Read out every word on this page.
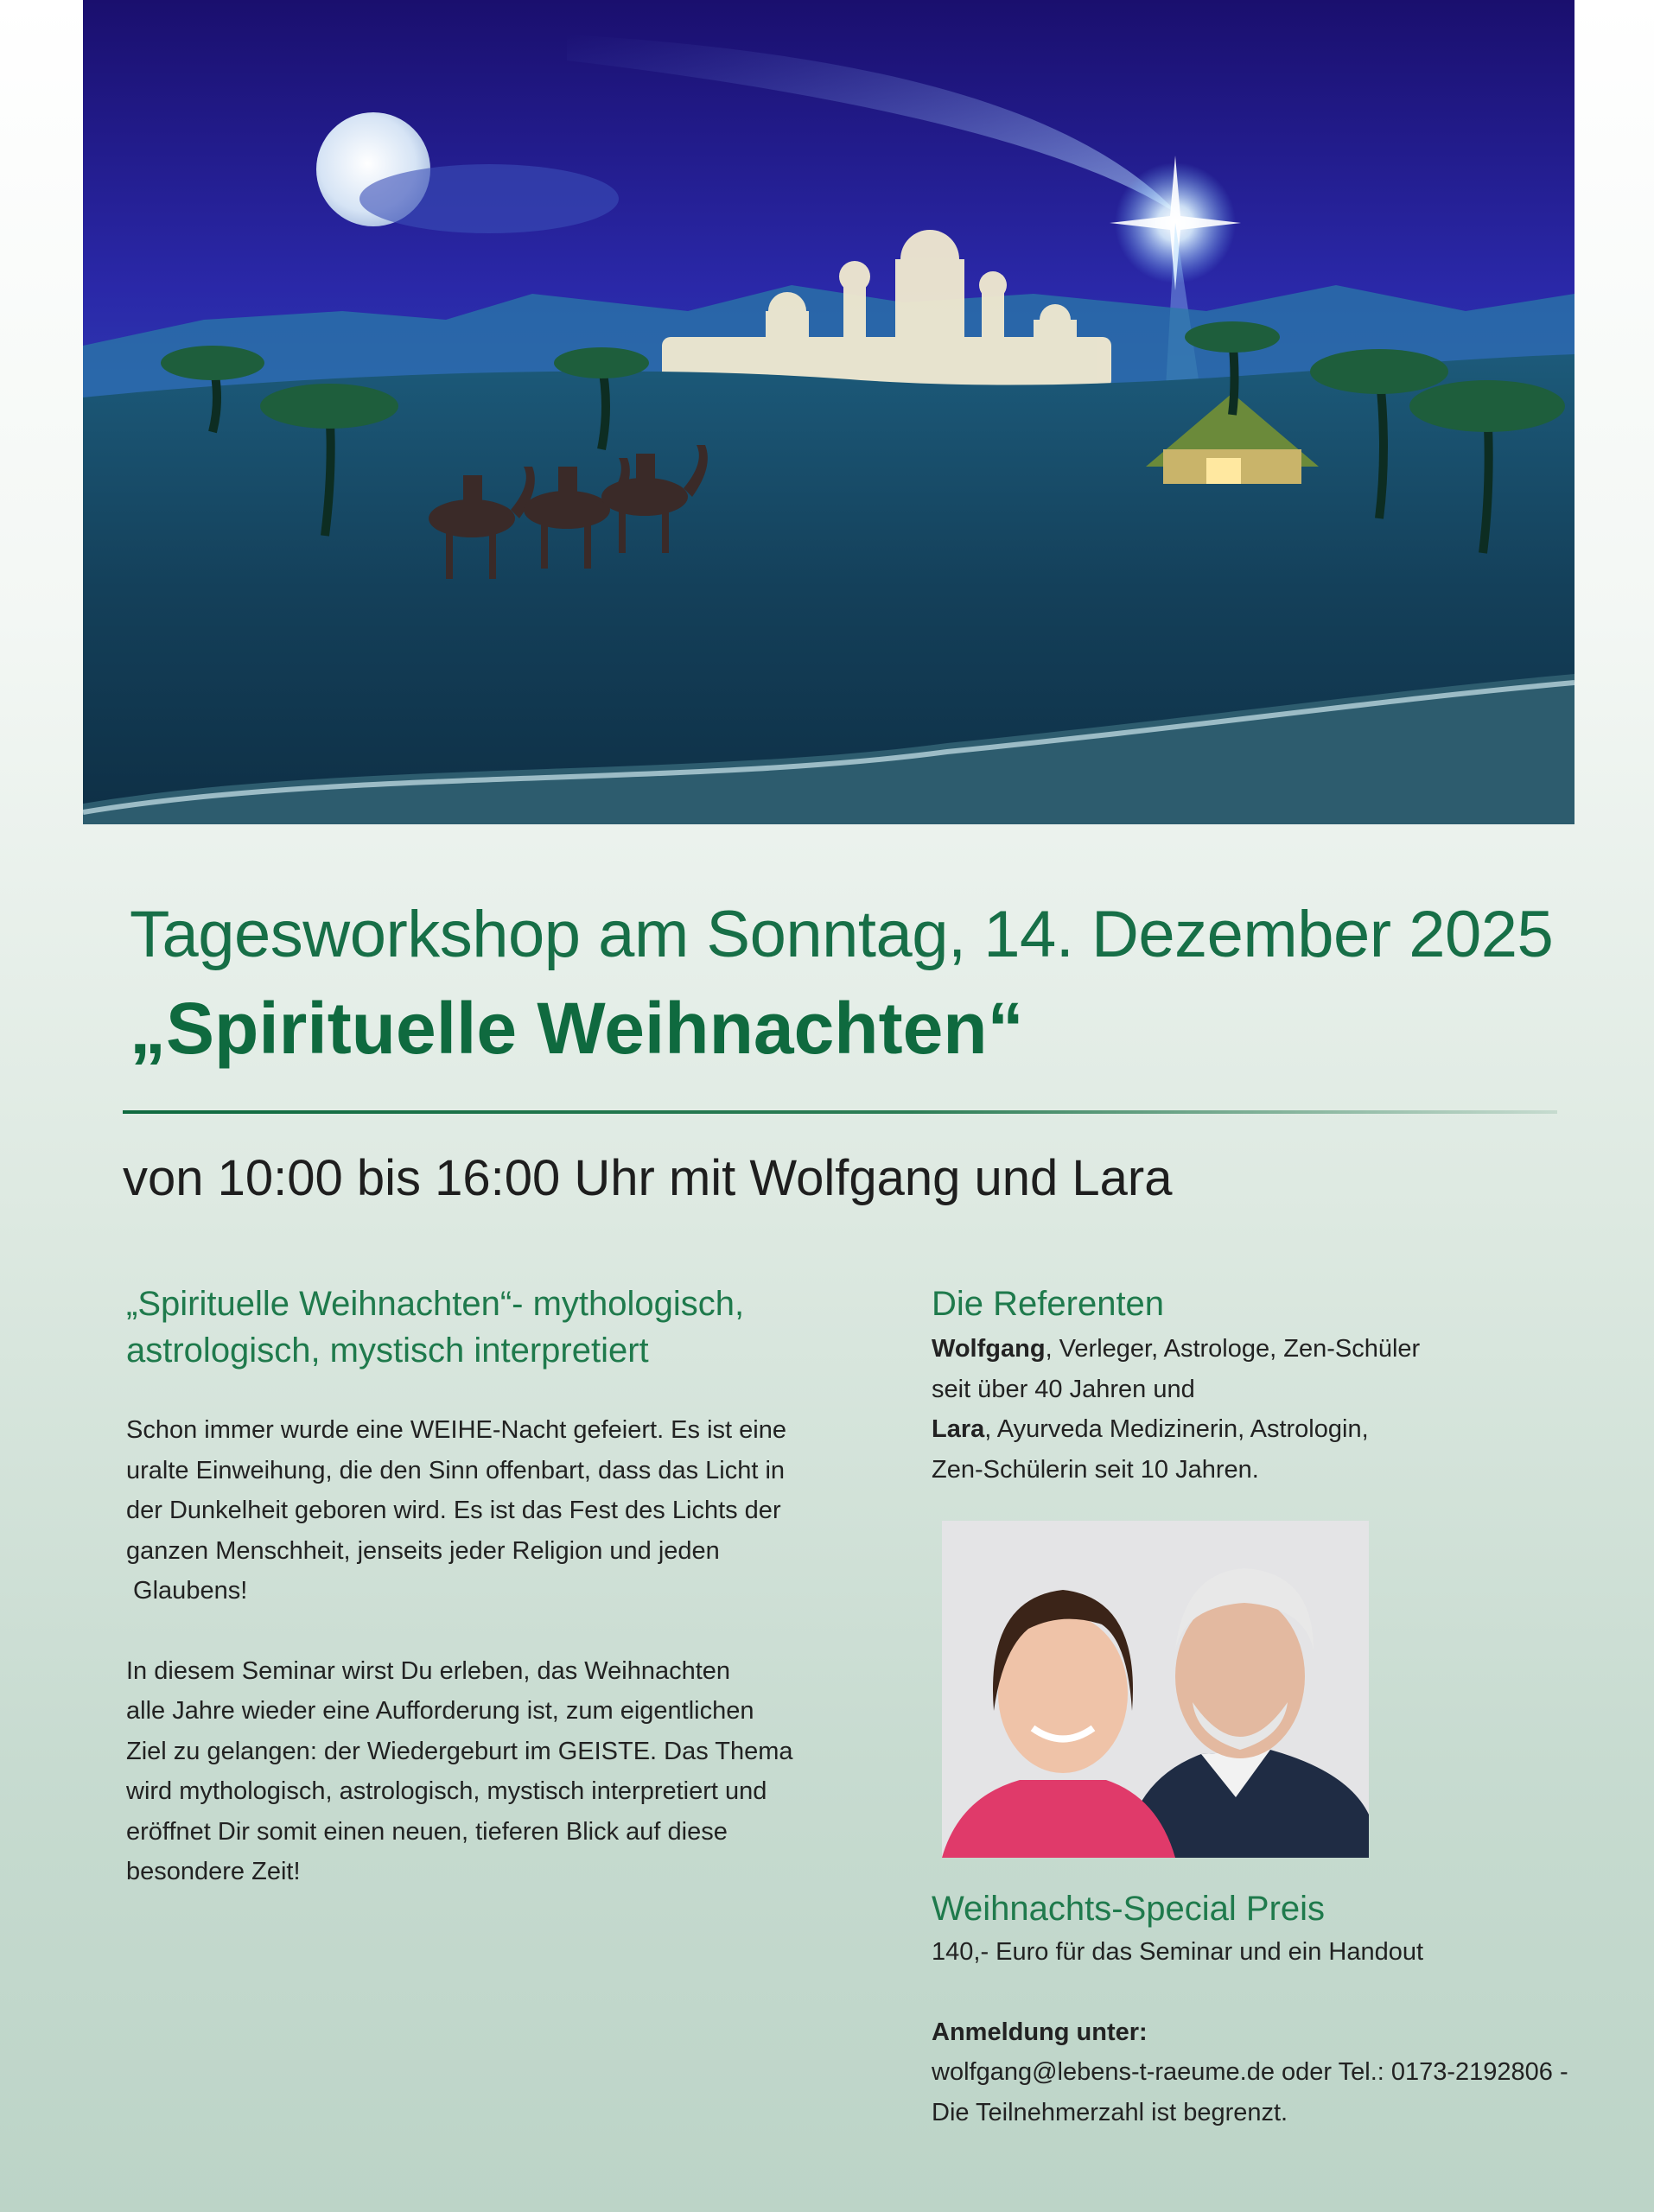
Tagesworkshop am Sonntag, 14. Dezember 2025
„Spirituelle Weihnachten“

von 10:00 bis 16:00 Uhr mit Wolfgang und Lara

„Spirituelle Weihnachten“- mythologisch,
astrologisch, mystisch interpretiert

Schon immer wurde eine WEIHE-Nacht gefeiert. Es ist eine
uralte Einweihung, die den Sinn offenbart, dass das Licht in
der Dunkelheit geboren wird. Es ist das Fest des Lichts der
ganzen Menschheit, jenseits jeder Religion und jeden
Glaubens!

In diesem Seminar wirst Du erleben, das Weihnachten
alle Jahre wieder eine Aufforderung ist, zum eigentlichen
Ziel zu gelangen: der Wiedergeburt im GEISTE. Das Thema
wird mythologisch, astrologisch, mystisch interpretiert und
eröffnet Dir somit einen neuen, tieferen Blick auf diese
besondere Zeit!

Die Referenten

Wolfgang, Verleger, Astrologe, Zen-Schüler
seit über 40 Jahren und
Lara, Ayurveda Medizinerin, Astrologin,
Zen-Schülerin seit 10 Jahren.

Weihnachts-Special Preis

140,- Euro für das Seminar und ein Handout

Anmeldung unter:
wolfgang@lebens-t-raeume.de oder Tel.: 0173-2192806 -
Die Teilnehmerzahl ist begrenzt.
